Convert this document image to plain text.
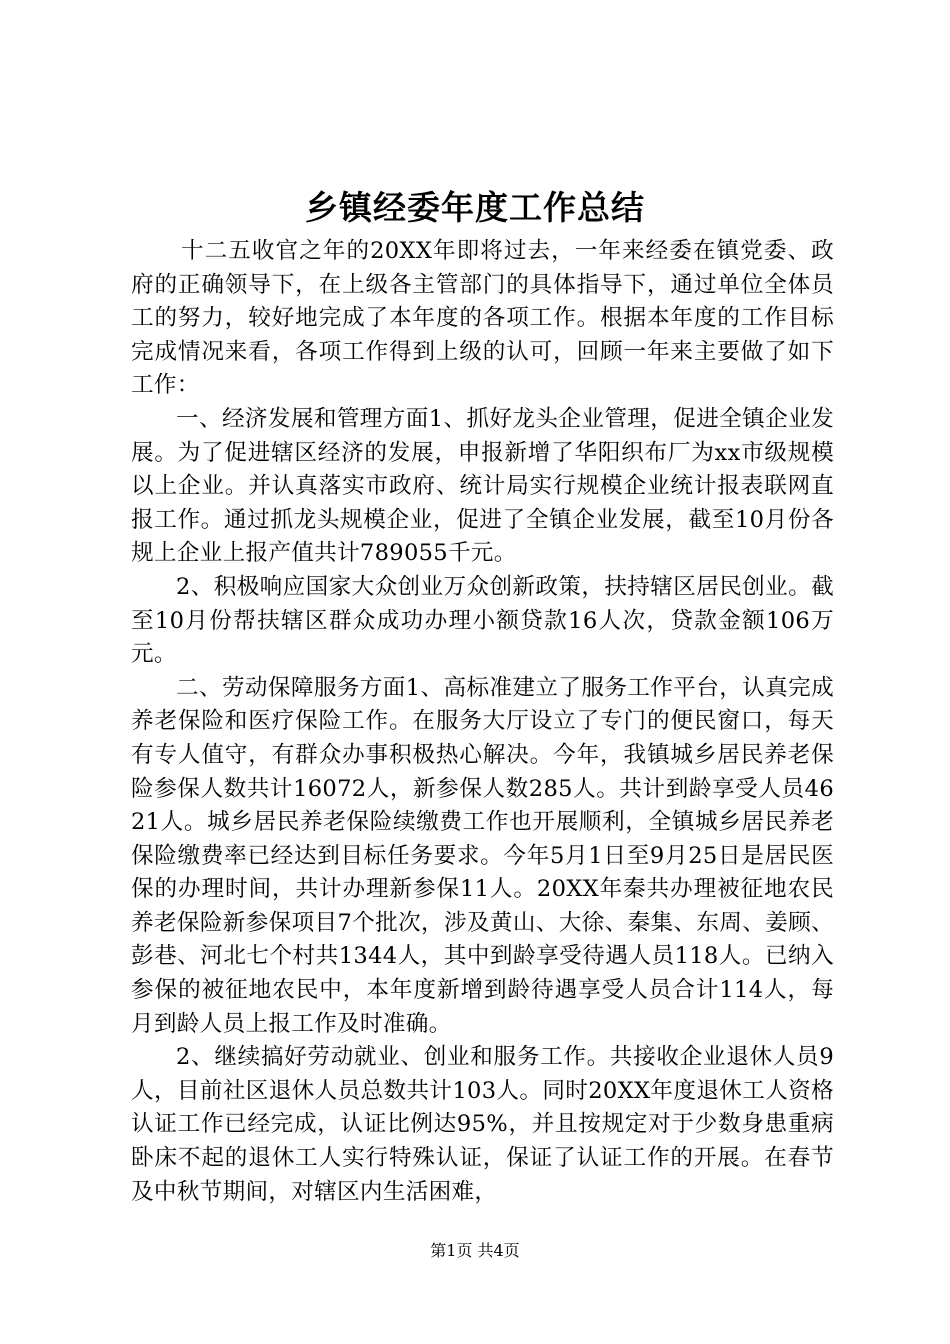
乡镇经委年度工作总结

十二五收官之年的20XX年即将过去，一年来经委在镇党委、政府的正确领导下，在上级各主管部门的具体指导下，通过单位全体员工的努力，较好地完成了本年度的各项工作。根据本年度的工作目标完成情况来看，各项工作得到上级的认可，回顾一年来主要做了如下工作：

一、经济发展和管理方面1、抓好龙头企业管理，促进全镇企业发展。为了促进辖区经济的发展，申报新增了华阳织布厂为xx市级规模以上企业。并认真落实市政府、统计局实行规模企业统计报表联网直报工作。通过抓龙头规模企业，促进了全镇企业发展，截至10月份各规上企业上报产值共计789055千元。

2、积极响应国家大众创业万众创新政策，扶持辖区居民创业。截至10月份帮扶辖区群众成功办理小额贷款16人次，贷款金额106万元。

二、劳动保障服务方面1、高标准建立了服务工作平台，认真完成养老保险和医疗保险工作。在服务大厅设立了专门的便民窗口，每天有专人值守，有群众办事积极热心解决。今年，我镇城乡居民养老保险参保人数共计16072人，新参保人数285人。共计到龄享受人员4621人。城乡居民养老保险续缴费工作也开展顺利，全镇城乡居民养老保险缴费率已经达到目标任务要求。今年5月1日至9月25日是居民医保的办理时间，共计办理新参保11人。20XX年秦共办理被征地农民养老保险新参保项目7个批次，涉及黄山、大徐、秦集、东周、姜顾、彭巷、河北七个村共1344人，其中到龄享受待遇人员118人。已纳入参保的被征地农民中，本年度新增到龄待遇享受人员合计114人，每月到龄人员上报工作及时准确。

2、继续搞好劳动就业、创业和服务工作。共接收企业退休人员9人，目前社区退休人员总数共计103人。同时20XX年度退休工人资格认证工作已经完成，认证比例达95%，并且按规定对于少数身患重病卧床不起的退休工人实行特殊认证，保证了认证工作的开展。在春节及中秋节期间，对辖区内生活困难，

第1页 共4页
